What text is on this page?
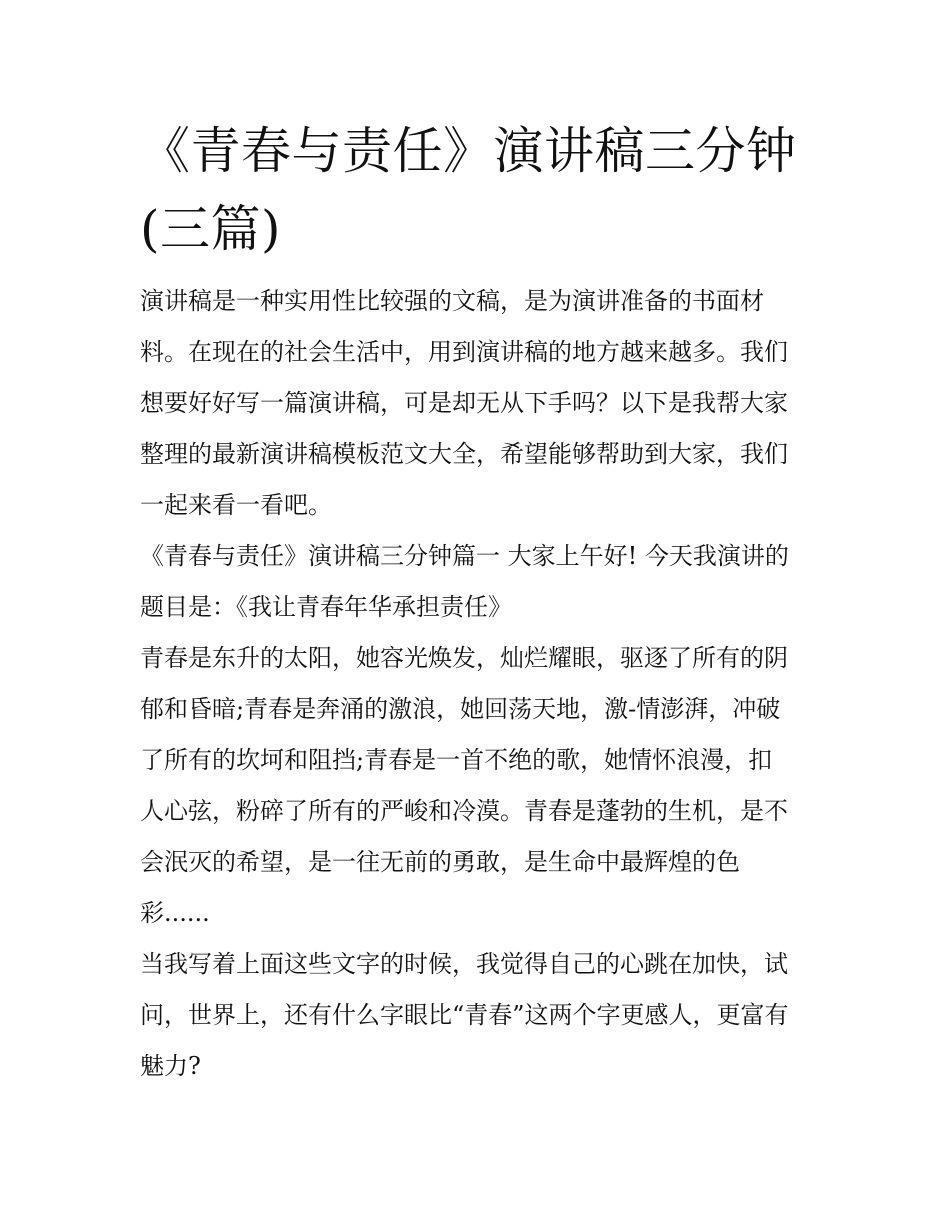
《青春与责任》演讲稿三分钟
(三篇)

演讲稿是一种实用性比较强的文稿，是为演讲准备的书面材
料。在现在的社会生活中，用到演讲稿的地方越来越多。我们
想要好好写一篇演讲稿，可是却无从下手吗？以下是我帮大家
整理的最新演讲稿模板范文大全，希望能够帮助到大家，我们
一起来看一看吧。

《青春与责任》演讲稿三分钟篇一 大家上午好! 今天我演讲的
题目是：《我让青春年华承担责任》

青春是东升的太阳，她容光焕发，灿烂耀眼，驱逐了所有的阴
郁和昏暗;青春是奔涌的激浪，她回荡天地，激-情澎湃，冲破
了所有的坎坷和阻挡;青春是一首不绝的歌，她情怀浪漫，扣
人心弦，粉碎了所有的严峻和冷漠。青春是蓬勃的生机，是不
会泯灭的希望，是一往无前的勇敢，是生命中最辉煌的色
彩......

当我写着上面这些文字的时候，我觉得自己的心跳在加快，试
问，世界上，还有什么字眼比“青春”这两个字更感人，更富有
魅力?
